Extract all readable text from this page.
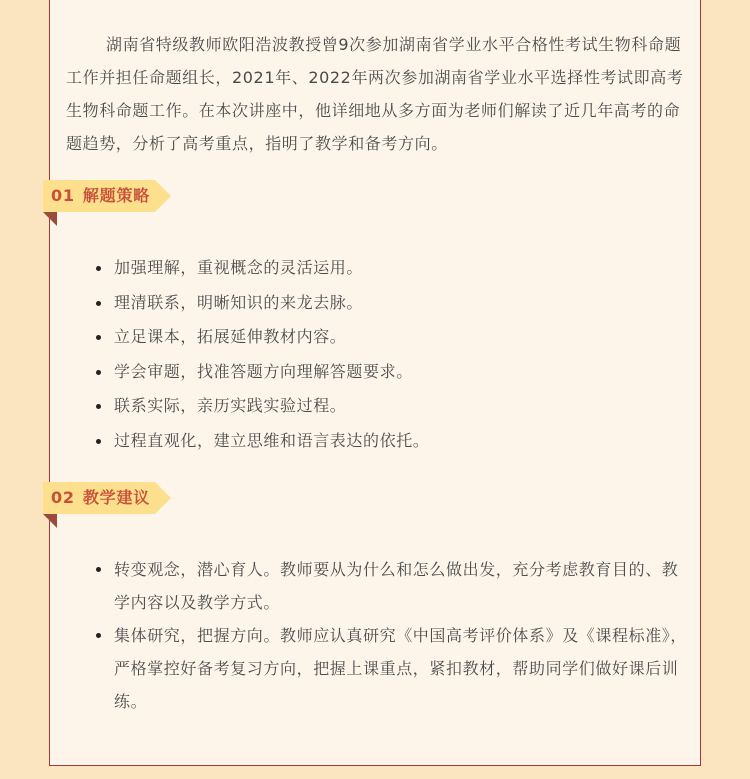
湖南省特级教师欧阳浩波教授曾9次参加湖南省学业水平合格性考试生物科命题工作并担任命题组长，2021年、2022年两次参加湖南省学业水平选择性考试即高考生物科命题工作。在本次讲座中，他详细地从多方面为老师们解读了近几年高考的命题趋势，分析了高考重点，指明了教学和备考方向。

01 解题策略
加强理解，重视概念的灵活运用。
理清联系，明晰知识的来龙去脉。
立足课本，拓展延伸教材内容。
学会审题，找准答题方向理解答题要求。
联系实际，亲历实践实验过程。
过程直观化，建立思维和语言表达的依托。
02 教学建议
转变观念，潜心育人。教师要从为什么和怎么做出发，充分考虑教育目的、教学内容以及教学方式。
集体研究，把握方向。教师应认真研究《中国高考评价体系》及《课程标准》，严格掌控好备考复习方向，把握上课重点，紧扣教材，帮助同学们做好课后训练。
